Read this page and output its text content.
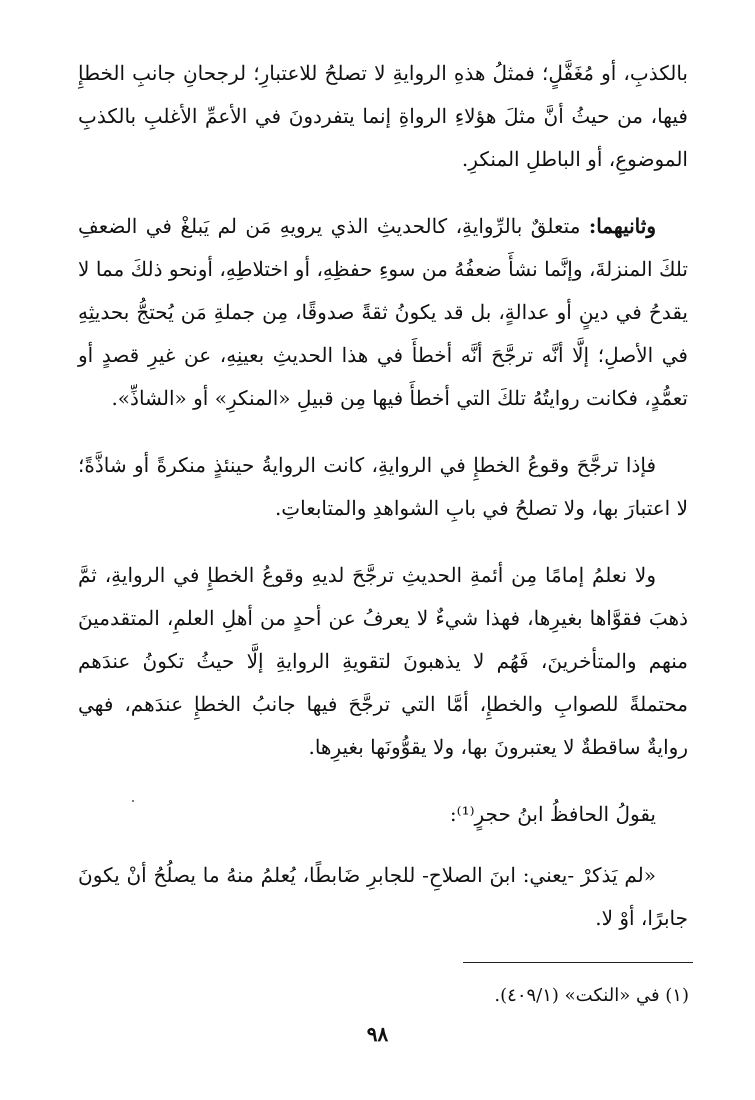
بالكذبِ، أو مُغَفَّلٍ؛ فمثلُ هذهِ الروايةِ لا تصلحُ للاعتبارِ؛ لرجحانِ جانبِ الخطإِ فيها، من حيثُ أنَّ مثلَ هؤلاءِ الرواةِ إنما يتفردونَ في الأعمِّ الأغلبِ بالكذبِ الموضوعِ، أو الباطلِ المنكرِ.

وثانيهما: متعلقٌ بالرِّوايةِ، كالحديثِ الذي يرويهِ مَن لم يَبلغْ في الضعفِ تلكَ المنزلةَ، وإنَّما نشأَ ضعفُهُ من سوءِ حفظِهِ، أو اختلاطِهِ، أونحو ذلكَ مما لا يقدحُ في دينٍ أو عدالةٍ، بل قد يكونُ ثقةً صدوقًا، مِن جملةِ مَن يُحتجُّ بحديثِهِ في الأصلِ؛ إلَّا أنَّه ترجَّحَ أنَّه أخطأَ في هذا الحديثِ بعينِهِ، عن غيرِ قصدٍ أو تعمُّدٍ، فكانت روايتُهُ تلكَ التي أخطأَ فيها مِن قبيلِ «المنكرِ» أو «الشاذِّ».

فإذا ترجَّحَ وقوعُ الخطإِ في الروايةِ، كانت الروايةُ حينئذٍ منكرةً أو شاذَّةً؛ لا اعتبارَ بها، ولا تصلحُ في بابِ الشواهدِ والمتابعاتِ.

ولا نعلمُ إمامًا مِن أئمةِ الحديثِ ترجَّحَ لديهِ وقوعُ الخطإِ في الروايةِ، ثمَّ ذهبَ فقوَّاها بغيرِها، فهذا شيءٌ لا يعرفُ عن أحدٍ من أهلِ العلمِ، المتقدمينَ منهم والمتأخرينَ، فَهُم لا يذهبونَ لتقويةِ الروايةِ إلَّا حيثُ تكونُ عندَهم محتملةً للصوابِ والخطإِ، أمَّا التي ترجَّحَ فيها جانبُ الخطإِ عندَهم، فهي روايةٌ ساقطةٌ لا يعتبرونَ بها، ولا يقوُّونَها بغيرِها.

يقولُ الحافظُ ابنُ حجرٍ⁽¹⁾:

«لم يَذكرْ -يعني: ابنَ الصلاحِ- للجابرِ ضَابطًا، يُعلمُ منهُ ما يصلُحُ أنْ يكونَ جابرًا، أوْ لا.

(١) في «النكت» (٤٠٩/١).
٩٨
